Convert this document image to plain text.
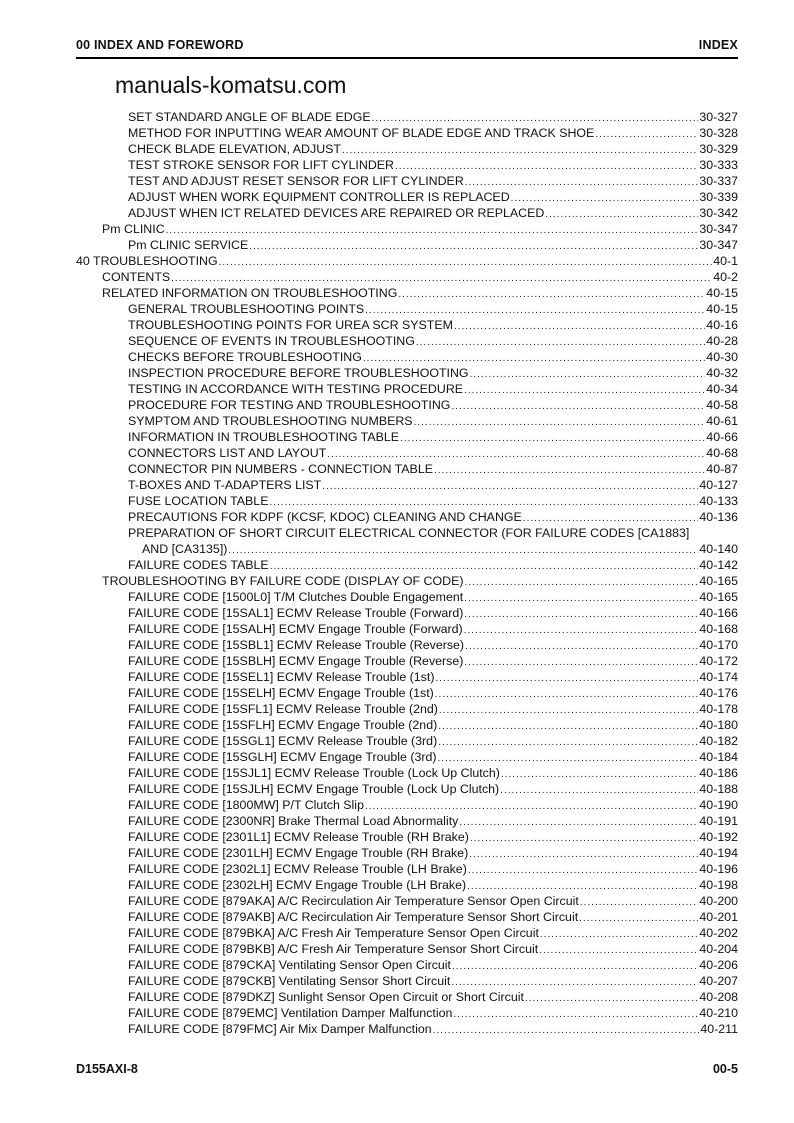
00 INDEX AND FOREWORD	INDEX
manuals-komatsu.com
SET STANDARD ANGLE OF BLADE EDGE .....	30-327
METHOD FOR INPUTTING WEAR AMOUNT OF BLADE EDGE AND TRACK SHOE .....	30-328
CHECK BLADE ELEVATION, ADJUST .....	30-329
TEST STROKE SENSOR FOR LIFT CYLINDER .....	30-333
TEST AND ADJUST RESET SENSOR FOR LIFT CYLINDER .....	30-337
ADJUST WHEN WORK EQUIPMENT CONTROLLER IS REPLACED .....	30-339
ADJUST WHEN ICT RELATED DEVICES ARE REPAIRED OR REPLACED .....	30-342
Pm CLINIC .....	30-347
Pm CLINIC SERVICE .....	30-347
40 TROUBLESHOOTING .....	40-1
CONTENTS .....	40-2
RELATED INFORMATION ON TROUBLESHOOTING .....	40-15
GENERAL TROUBLESHOOTING POINTS .....	40-15
TROUBLESHOOTING POINTS FOR UREA SCR SYSTEM .....	40-16
SEQUENCE OF EVENTS IN TROUBLESHOOTING .....	40-28
CHECKS BEFORE TROUBLESHOOTING .....	40-30
INSPECTION PROCEDURE BEFORE TROUBLESHOOTING .....	40-32
TESTING IN ACCORDANCE WITH TESTING PROCEDURE .....	40-34
PROCEDURE FOR TESTING AND TROUBLESHOOTING .....	40-58
SYMPTOM AND TROUBLESHOOTING NUMBERS .....	40-61
INFORMATION IN TROUBLESHOOTING TABLE .....	40-66
CONNECTORS LIST AND LAYOUT .....	40-68
CONNECTOR PIN NUMBERS - CONNECTION TABLE .....	40-87
T-BOXES AND T-ADAPTERS LIST .....	40-127
FUSE LOCATION TABLE .....	40-133
PRECAUTIONS FOR KDPF (KCSF, KDOC) CLEANING AND CHANGE .....	40-136
PREPARATION OF SHORT CIRCUIT ELECTRICAL CONNECTOR (FOR FAILURE CODES [CA1883]
AND [CA3135]) .....	40-140
FAILURE CODES TABLE .....	40-142
TROUBLESHOOTING BY FAILURE CODE (DISPLAY OF CODE) .....	40-165
FAILURE CODE [1500L0] T/M Clutches Double Engagement .....	40-165
FAILURE CODE [15SAL1] ECMV Release Trouble (Forward) .....	40-166
FAILURE CODE [15SALH] ECMV Engage Trouble (Forward) .....	40-168
FAILURE CODE [15SBL1] ECMV Release Trouble (Reverse) .....	40-170
FAILURE CODE [15SBLH] ECMV Engage Trouble (Reverse) .....	40-172
FAILURE CODE [15SEL1] ECMV Release Trouble (1st) .....	40-174
FAILURE CODE [15SELH] ECMV Engage Trouble (1st) .....	40-176
FAILURE CODE [15SFL1] ECMV Release Trouble (2nd) .....	40-178
FAILURE CODE [15SFLH] ECMV Engage Trouble (2nd) .....	40-180
FAILURE CODE [15SGL1] ECMV Release Trouble (3rd) .....	40-182
FAILURE CODE [15SGLH] ECMV Engage Trouble (3rd) .....	40-184
FAILURE CODE [15SJL1] ECMV Release Trouble (Lock Up Clutch) .....	40-186
FAILURE CODE [15SJLH] ECMV Engage Trouble (Lock Up Clutch) .....	40-188
FAILURE CODE [1800MW] P/T Clutch Slip .....	40-190
FAILURE CODE [2300NR] Brake Thermal Load Abnormality .....	40-191
FAILURE CODE [2301L1] ECMV Release Trouble (RH Brake) .....	40-192
FAILURE CODE [2301LH] ECMV Engage Trouble (RH Brake) .....	40-194
FAILURE CODE [2302L1] ECMV Release Trouble (LH Brake) .....	40-196
FAILURE CODE [2302LH] ECMV Engage Trouble (LH Brake) .....	40-198
FAILURE CODE [879AKA] A/C Recirculation Air Temperature Sensor Open Circuit .....	40-200
FAILURE CODE [879AKB] A/C Recirculation Air Temperature Sensor Short Circuit .....	40-201
FAILURE CODE [879BKA] A/C Fresh Air Temperature Sensor Open Circuit .....	40-202
FAILURE CODE [879BKB] A/C Fresh Air Temperature Sensor Short Circuit .....	40-204
FAILURE CODE [879CKA] Ventilating Sensor Open Circuit .....	40-206
FAILURE CODE [879CKB] Ventilating Sensor Short Circuit .....	40-207
FAILURE CODE [879DKZ] Sunlight Sensor Open Circuit or Short Circuit .....	40-208
FAILURE CODE [879EMC] Ventilation Damper Malfunction .....	40-210
FAILURE CODE [879FMC] Air Mix Damper Malfunction .....	40-211
D155AXI-8	00-5
